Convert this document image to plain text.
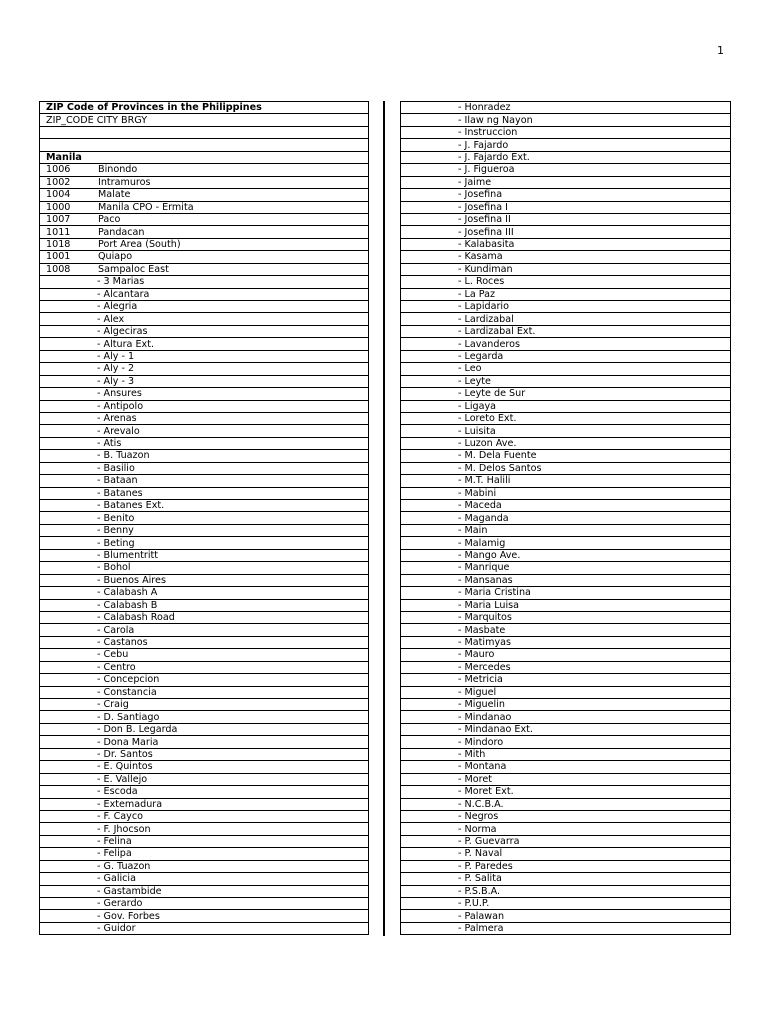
1
ZIP Code of Provinces in the Philippines
ZIP_CODE CITY BRGY

Manila
1006	Binondo
1002	Intramuros
1004	Malate
1000	Manila CPO - Ermita
1007	Paco
1011	Pandacan
1018	Port Area (South)
1001	Quiapo
1008	Sampaloc East
- 3 Marias
- Alcantara
- Alegria
- Alex
- Algeciras
- Altura Ext.
- Aly - 1
- Aly - 2
- Aly - 3
- Ansures
- Antipolo
- Arenas
- Arevalo
- Atis
- B. Tuazon
- Basilio
- Bataan
- Batanes
- Batanes Ext.
- Benito
- Benny
- Beting
- Blumentritt
- Bohol
- Buenos Aires
- Calabash A
- Calabash B
- Calabash Road
- Carola
- Castanos
- Cebu
- Centro
- Concepcion
- Constancia
- Craig
- D. Santiago
- Don B. Legarda
- Dona Maria
- Dr. Santos
- E. Quintos
- E. Vallejo
- Escoda
- Extemadura
- F. Cayco
- F. Jhocson
- Felina
- Felipa
- G. Tuazon
- Galicia
- Gastambide
- Gerardo
- Gov. Forbes
- Guidor
- Honradez
- Ilaw ng Nayon
- Instruccion
- J. Fajardo
- J. Fajardo Ext.
- J. Figueroa
- Jaime
- Josefina
- Josefina I
- Josefina II
- Josefina III
- Kalabasita
- Kasama
- Kundiman
- L. Roces
- La Paz
- Lapidario
- Lardizabal
- Lardizabal Ext.
- Lavanderos
- Legarda
- Leo
- Leyte
- Leyte de Sur
- Ligaya
- Loreto Ext.
- Luisita
- Luzon Ave.
- M. Dela Fuente
- M. Delos Santos
- M.T. Halili
- Mabini
- Maceda
- Maganda
- Main
- Malamig
- Mango Ave.
- Manrique
- Mansanas
- Maria Cristina
- Maria Luisa
- Marquitos
- Masbate
- Matimyas
- Mauro
- Mercedes
- Metricia
- Miguel
- Miguelin
- Mindanao
- Mindanao Ext.
- Mindoro
- Mith
- Montana
- Moret
- Moret Ext.
- N.C.B.A.
- Negros
- Norma
- P. Guevarra
- P. Naval
- P. Paredes
- P. Salita
- P.S.B.A.
- P.U.P.
- Palawan
- Palmera
